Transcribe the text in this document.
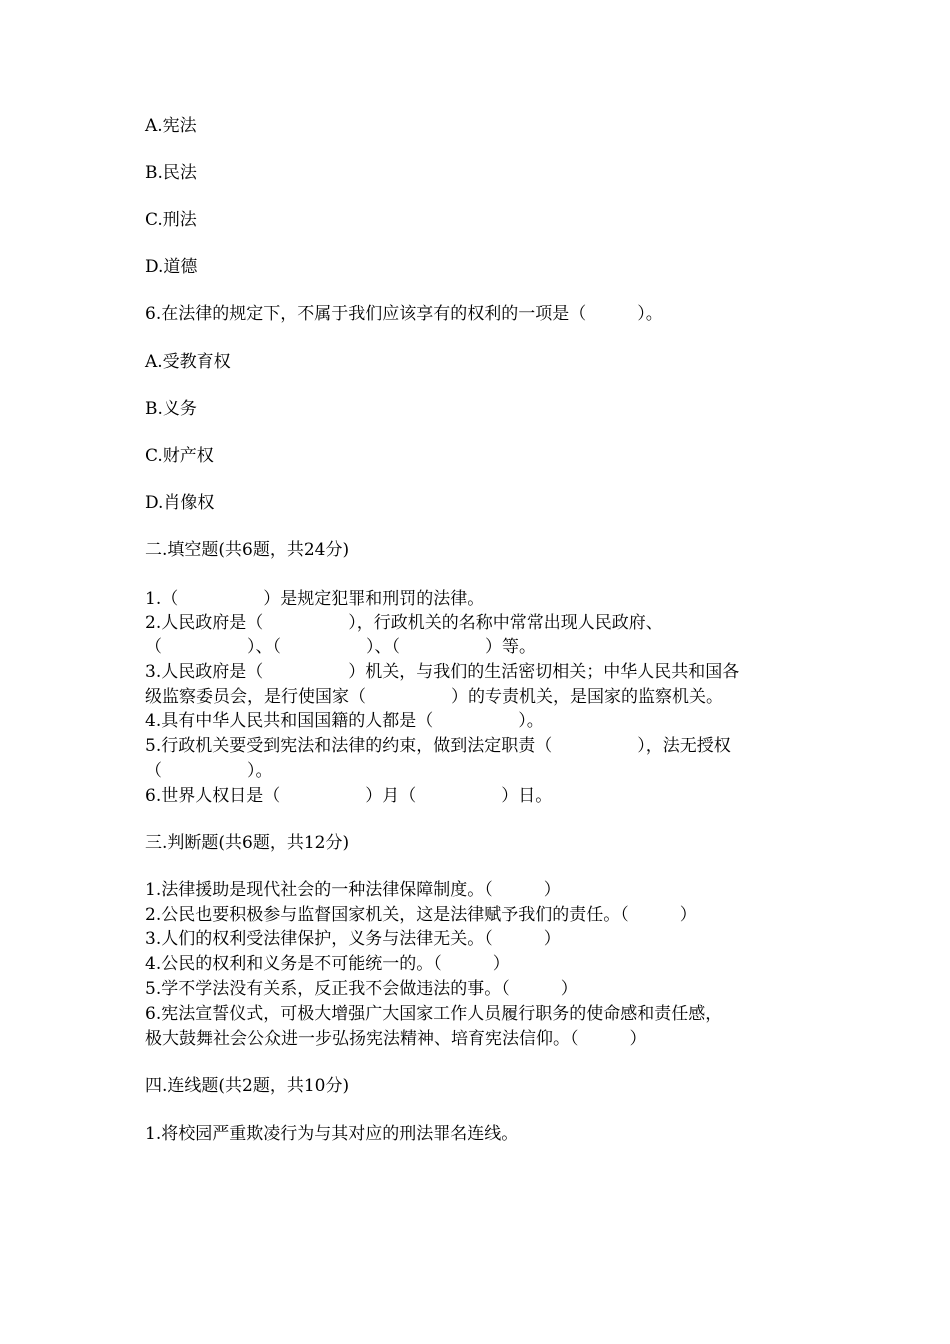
A.宪法

B.民法

C.刑法

D.道德

6.在法律的规定下，不属于我们应该享有的权利的一项是（　　　）。

A.受教育权

B.义务

C.财产权

D.肖像权

二.填空题(共6题，共24分)

1.（　　　　　）是规定犯罪和刑罚的法律。

2.人民政府是（　　　　　），行政机关的名称中常常出现人民政府、

（　　　　　）、（　　　　　）、（　　　　　）等。

3.人民政府是（　　　　　）机关，与我们的生活密切相关；中华人民共和国各

级监察委员会，是行使国家（　　　　　）的专责机关，是国家的监察机关。

4.具有中华人民共和国国籍的人都是（　　　　　）。

5.行政机关要受到宪法和法律的约束，做到法定职责（　　　　　），法无授权

（　　　　　）。

6.世界人权日是（　　　　　）月（　　　　　）日。

三.判断题(共6题，共12分)

1.法律援助是现代社会的一种法律保障制度。（　　　）

2.公民也要积极参与监督国家机关，这是法律赋予我们的责任。（　　　）

3.人们的权利受法律保护，义务与法律无关。（　　　）

4.公民的权利和义务是不可能统一的。（　　　）

5.学不学法没有关系，反正我不会做违法的事。（　　　）

6.宪法宣誓仪式，可极大增强广大国家工作人员履行职务的使命感和责任感，

极大鼓舞社会公众进一步弘扬宪法精神、培育宪法信仰。（　　　）

四.连线题(共2题，共10分)

1.将校园严重欺凌行为与其对应的刑法罪名连线。
